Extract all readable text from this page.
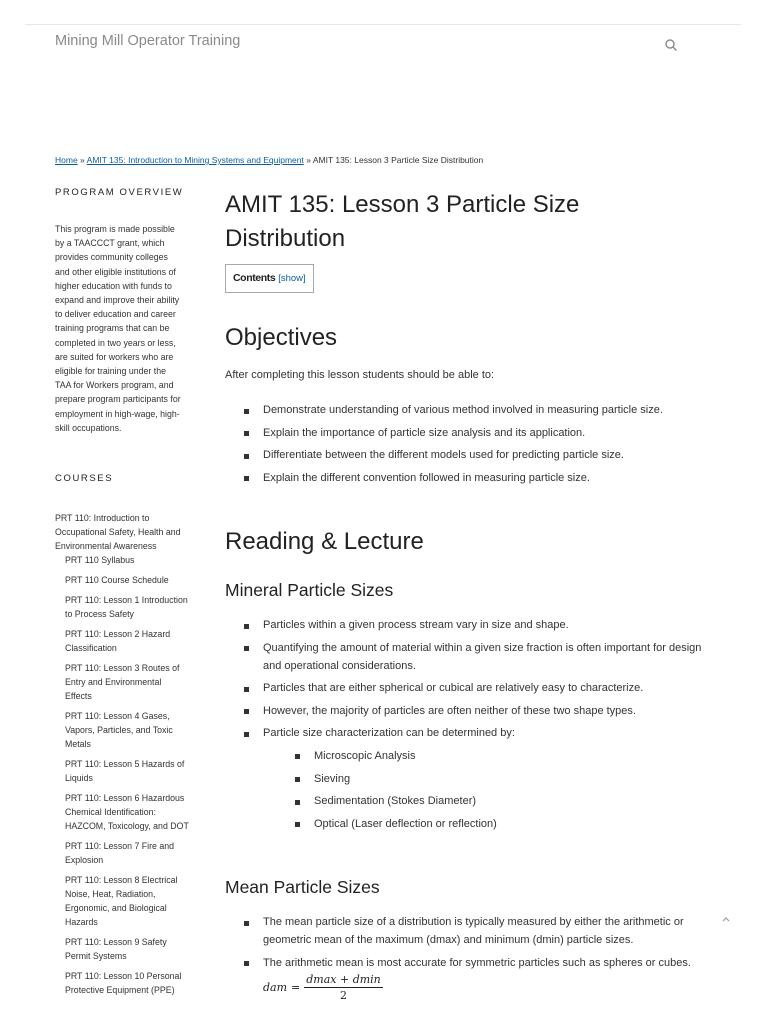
Mining Mill Operator Training
Home » AMIT 135: Introduction to Mining Systems and Equipment » AMIT 135: Lesson 3 Particle Size Distribution
PROGRAM OVERVIEW
This program is made possible
by a TAACCCT grant, which
provides community colleges
and other eligible institutions of
higher education with funds to
expand and improve their ability
to deliver education and career
training programs that can be
completed in two years or less,
are suited for workers who are
eligible for training under the
TAA for Workers program, and
prepare program participants for
employment in high-wage, high-
skill occupations.
COURSES
PRT 110: Introduction to
Occupational Safety, Health and
Environmental Awareness
PRT 110 Syllabus
PRT 110 Course Schedule
PRT 110: Lesson 1 Introduction
to Process Safety
PRT 110: Lesson 2 Hazard
Classification
PRT 110: Lesson 3 Routes of
Entry and Environmental
Effects
PRT 110: Lesson 4 Gases,
Vapors, Particles, and Toxic
Metals
PRT 110: Lesson 5 Hazards of
Liquids
PRT 110: Lesson 6 Hazardous
Chemical Identification:
HAZCOM, Toxicology, and DOT
PRT 110: Lesson 7 Fire and
Explosion
PRT 110: Lesson 8 Electrical
Noise, Heat, Radiation,
Ergonomic, and Biological
Hazards
PRT 110: Lesson 9 Safety
Permit Systems
PRT 110: Lesson 10 Personal
Protective Equipment (PPE)
AMIT 135: Lesson 3 Particle Size Distribution
Contents [show]
Objectives

After completing this lesson students should be able to:

Demonstrate understanding of various method involved in measuring particle size.
Explain the importance of particle size analysis and its application.
Differentiate between the different models used for predicting particle size.
Explain the different convention followed in measuring particle size.
Reading & Lecture
Mineral Particle Sizes
Particles within a given process stream vary in size and shape.
Quantifying the amount of material within a given size fraction is often important for design and operational considerations.
Particles that are either spherical or cubical are relatively easy to characterize.
However, the majority of particles are often neither of these two shape types.
Particle size characterization can be determined by:
Microscopic Analysis
Sieving
Sedimentation (Stokes Diameter)
Optical (Laser deflection or reflection)
Mean Particle Sizes
The mean particle size of a distribution is typically measured by either the arithmetic or geometric mean of the maximum (dmax) and minimum (dmin) particle sizes.
The arithmetic mean is most accurate for symmetric particles such as spheres or cubes.
dam = $\frac{dmax + dmin}{2}$
